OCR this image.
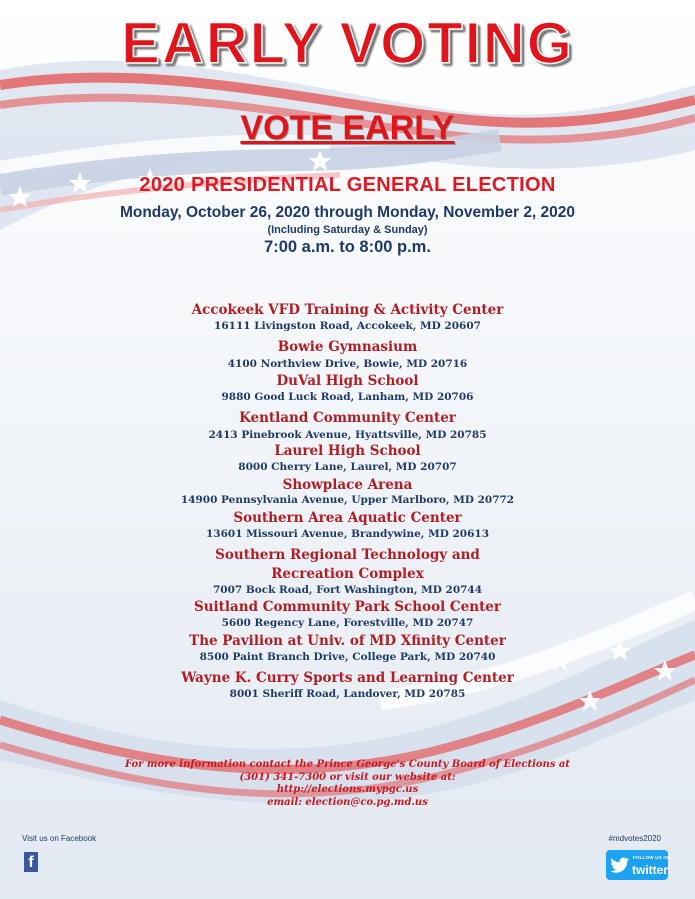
EARLY VOTING
VOTE EARLY
2020 PRESIDENTIAL GENERAL ELECTION
Monday, October 26, 2020 through Monday, November 2, 2020
(Including Saturday & Sunday)
7:00 a.m. to 8:00 p.m.
Accokeek VFD Training & Activity Center
16111 Livingston Road, Accokeek, MD 20607
Bowie Gymnasium
4100 Northview Drive, Bowie, MD 20716
DuVal High School
9880 Good Luck Road, Lanham, MD 20706
Kentland Community Center
2413 Pinebrook Avenue, Hyattsville, MD 20785
Laurel High School
8000 Cherry Lane, Laurel, MD 20707
Showplace Arena
14900 Pennsylvania Avenue, Upper Marlboro, MD 20772
Southern Area Aquatic Center
13601 Missouri Avenue, Brandywine, MD 20613
Southern Regional Technology and
Recreation Complex
7007 Bock Road, Fort Washington, MD 20744
Suitland Community Park School Center
5600 Regency Lane, Forestville, MD 20747
The Pavilion at Univ. of MD Xfinity Center
8500 Paint Branch Drive, College Park, MD 20740
Wayne K. Curry Sports and Learning Center
8001 Sheriff Road, Landover, MD 20785
For more information contact the Prince George's County Board of Elections at
(301) 341-7300 or visit our website at:
http://elections.mypgc.us
email: election@co.pg.md.us
Visit us on Facebook
f
#mdvotes2020
FOLLOW US ON
twitter
